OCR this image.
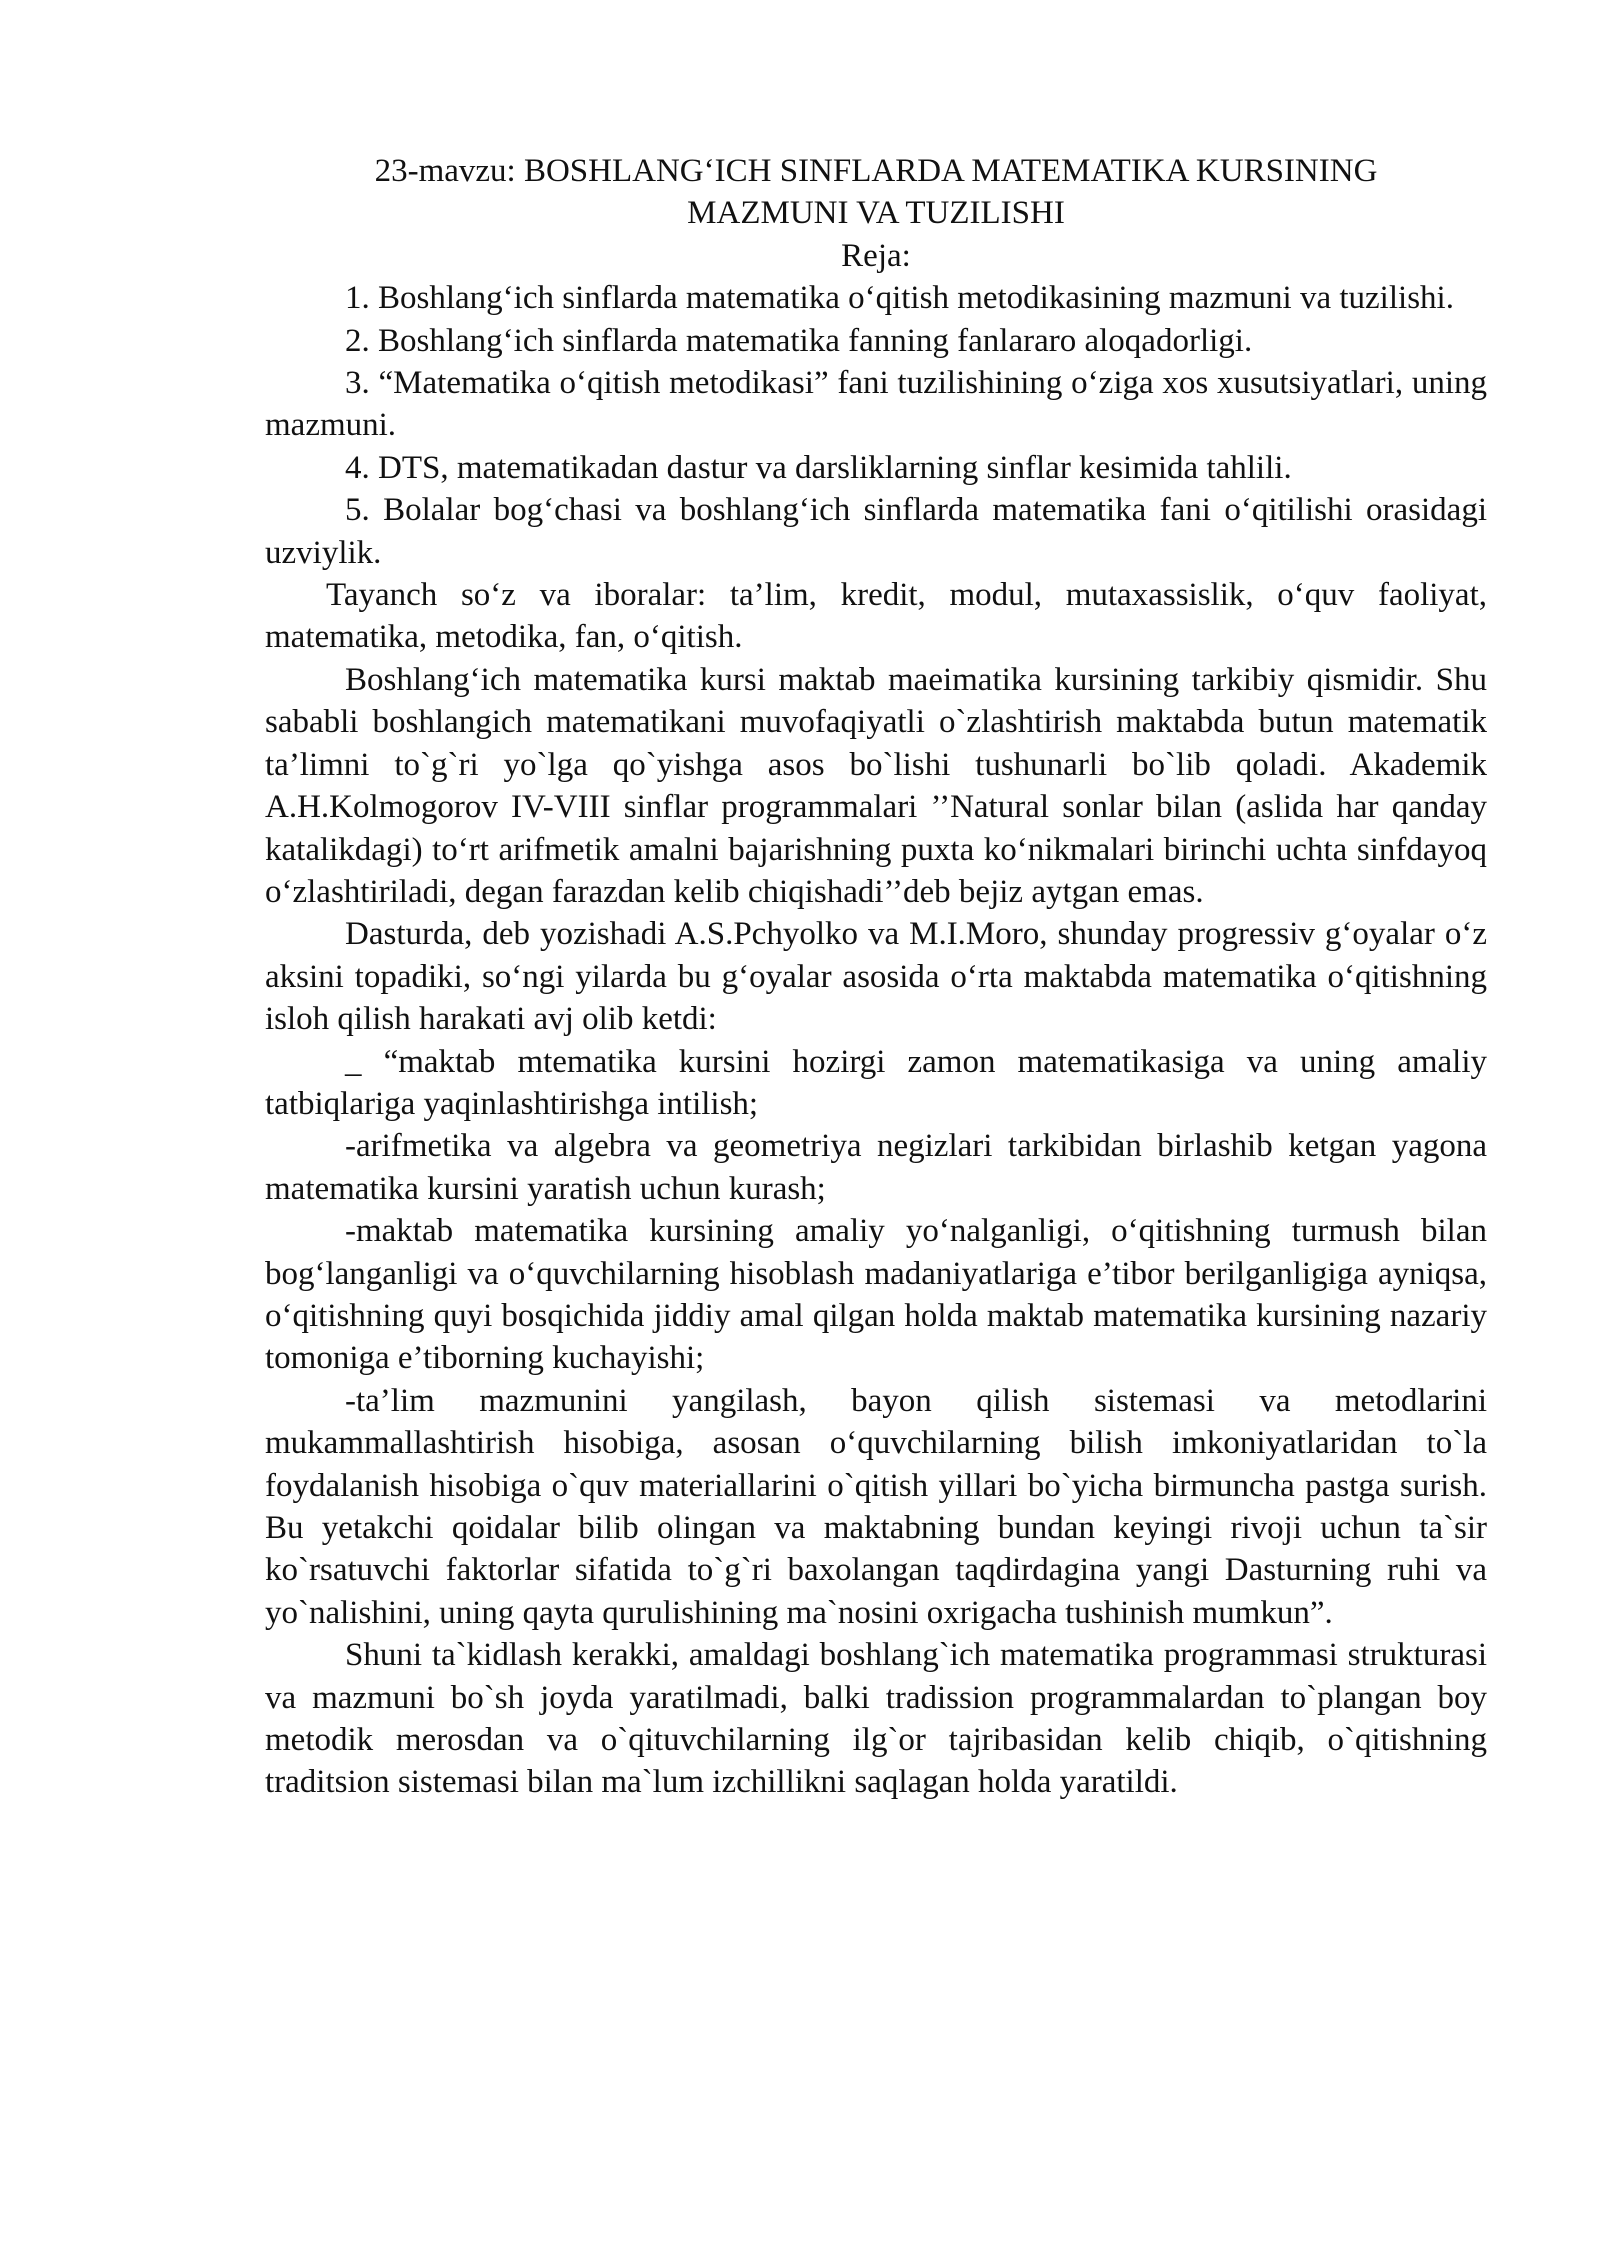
23-mavzu: BOSHLANG‘ICH SINFLARDA MATEMATIKA KURSINING

MAZMUNI VA TUZILISHI

Reja:

1. Boshlang‘ich sinflarda matematika o‘qitish metodikasining mazmuni va tuzilishi.

2. Boshlang‘ich sinflarda matematika fanning fanlararo aloqadorligi.

3. “Matematika o‘qitish metodikasi” fani tuzilishining o‘ziga xos xusutsiyatlari, uning mazmuni.

4. DTS, matematikadan dastur va darsliklarning sinflar kesimida tahlili.

5. Bolalar bog‘chasi va boshlang‘ich sinflarda matematika fani o‘qitilishi orasidagi uzviylik.

Tayanch so‘z va iboralar: ta’lim, kredit, modul, mutaxassislik, o‘quv faoliyat, matematika, metodika, fan, o‘qitish.

Boshlang‘ich matematika kursi maktab maeimatika kursining tarkibiy qismidir. Shu sababli boshlangich matematikani muvofaqiyatli o`zlashtirish maktabda butun matematik ta’limni to`g`ri yo`lga qo`yishga asos bo`lishi tushunarli bo`lib qoladi. Akademik A.H.Kolmogorov IV-VIII sinflar programmalari ’’Natural sonlar bilan (aslida har qanday katalikdagi) to‘rt arifmetik amalni bajarishning puxta ko‘nikmalari birinchi uchta sinfdayoq o‘zlashtiriladi, degan farazdan kelib chiqishadi’’deb bejiz aytgan emas.

Dasturda, deb yozishadi A.S.Pchyolko va M.I.Moro, shunday progressiv g‘oyalar o‘z aksini topadiki, so‘ngi yilarda bu g‘oyalar asosida o‘rta maktabda matematika o‘qitishning isloh qilish harakati avj olib ketdi:

_ “maktab mtematika kursini hozirgi zamon matematikasiga va uning amaliy tatbiqlariga yaqinlashtirishga intilish;

-arifmetika va algebra va geometriya negizlari tarkibidan birlashib ketgan yagona matematika kursini yaratish uchun kurash;

-maktab matematika kursining amaliy yo‘nalganligi, o‘qitishning turmush bilan bog‘langanligi va o‘quvchilarning hisoblash madaniyatlariga e’tibor berilganligiga ayniqsa, o‘qitishning quyi bosqichida jiddiy amal qilgan holda maktab matematika kursining nazariy tomoniga e’tiborning kuchayishi;

-ta’lim mazmunini yangilash, bayon qilish sistemasi va metodlarini mukammallashtirish hisobiga, asosan o‘quvchilarning bilish imkoniyatlaridan to`la foydalanish hisobiga o`quv materiallarini o`qitish yillari bo`yicha birmuncha pastga surish. Bu yetakchi qoidalar bilib olingan va maktabning bundan keyingi rivoji uchun ta`sir ko`rsatuvchi faktorlar sifatida to`g`ri baxolangan taqdirdagina yangi Dasturning ruhi va yo`nalishini, uning qayta qurulishining ma`nosini oxrigacha tushinish mumkun”.

Shuni ta`kidlash kerakki, amaldagi boshlang`ich matematika programmasi strukturasi va mazmuni bo`sh joyda yaratilmadi, balki tradission programmalardan to`plangan boy metodik merosdan va o`qituvchilarning ilg`or tajribasidan kelib chiqib, o`qitishning traditsion sistemasi bilan ma`lum izchillikni saqlagan holda yaratildi.
